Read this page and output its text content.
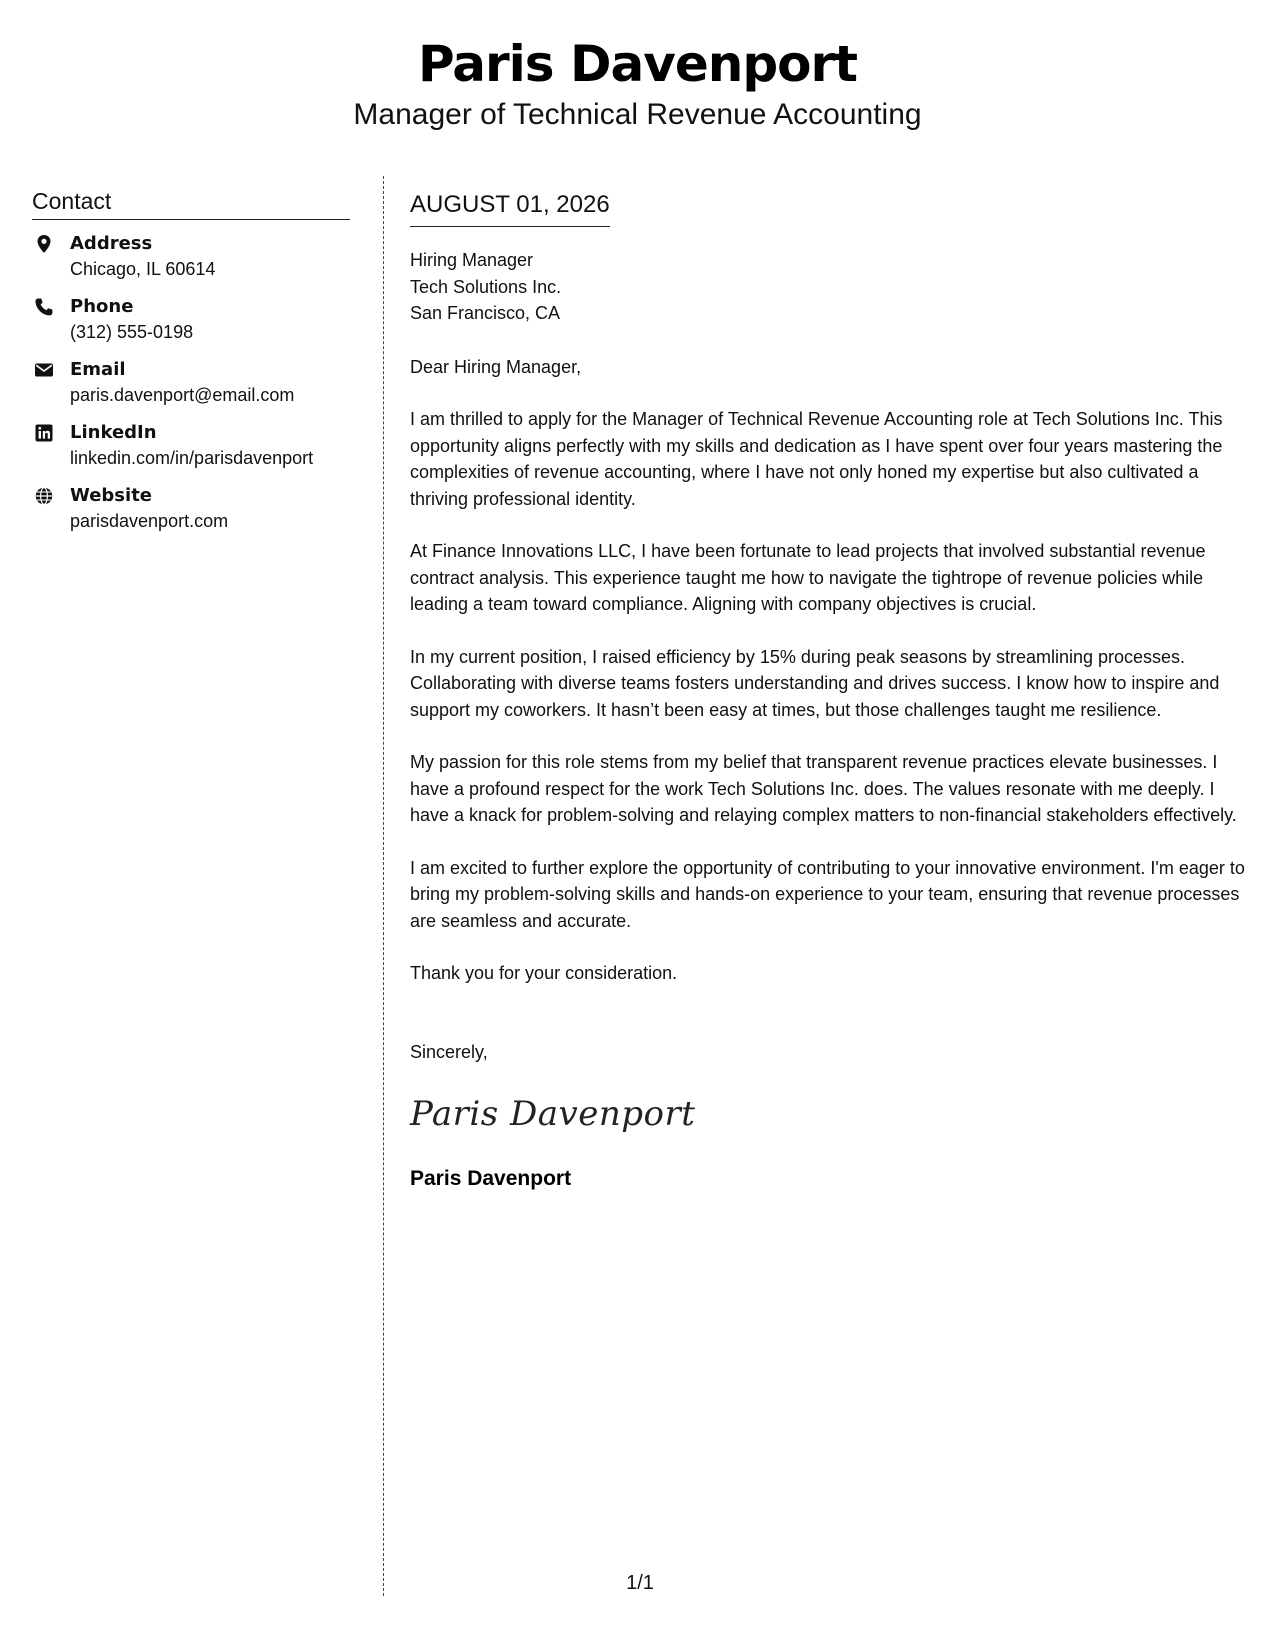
Paris Davenport

Manager of Technical Revenue Accounting

Contact
Address
Chicago, IL 60614
Phone
(312) 555-0198
Email
paris.davenport@email.com
LinkedIn
linkedin.com/in/parisdavenport
Website
parisdavenport.com
AUGUST 01, 2026
Hiring Manager
Tech Solutions Inc.
San Francisco, CA
Dear Hiring Manager,
I am thrilled to apply for the Manager of Technical Revenue Accounting role at Tech Solutions Inc. This opportunity aligns perfectly with my skills and dedication as I have spent over four years mastering the complexities of revenue accounting, where I have not only honed my expertise but also cultivated a thriving professional identity.
At Finance Innovations LLC, I have been fortunate to lead projects that involved substantial revenue contract analysis. This experience taught me how to navigate the tightrope of revenue policies while leading a team toward compliance. Aligning with company objectives is crucial.
In my current position, I raised efficiency by 15% during peak seasons by streamlining processes. Collaborating with diverse teams fosters understanding and drives success. I know how to inspire and support my coworkers. It hasn’t been easy at times, but those challenges taught me resilience.
My passion for this role stems from my belief that transparent revenue practices elevate businesses. I have a profound respect for the work Tech Solutions Inc. does. The values resonate with me deeply. I have a knack for problem-solving and relaying complex matters to non-financial stakeholders effectively.
I am excited to further explore the opportunity of contributing to your innovative environment. I'm eager to bring my problem-solving skills and hands-on experience to your team, ensuring that revenue processes are seamless and accurate.
Thank you for your consideration.
Sincerely,
Paris Davenport
Paris Davenport
1/1
